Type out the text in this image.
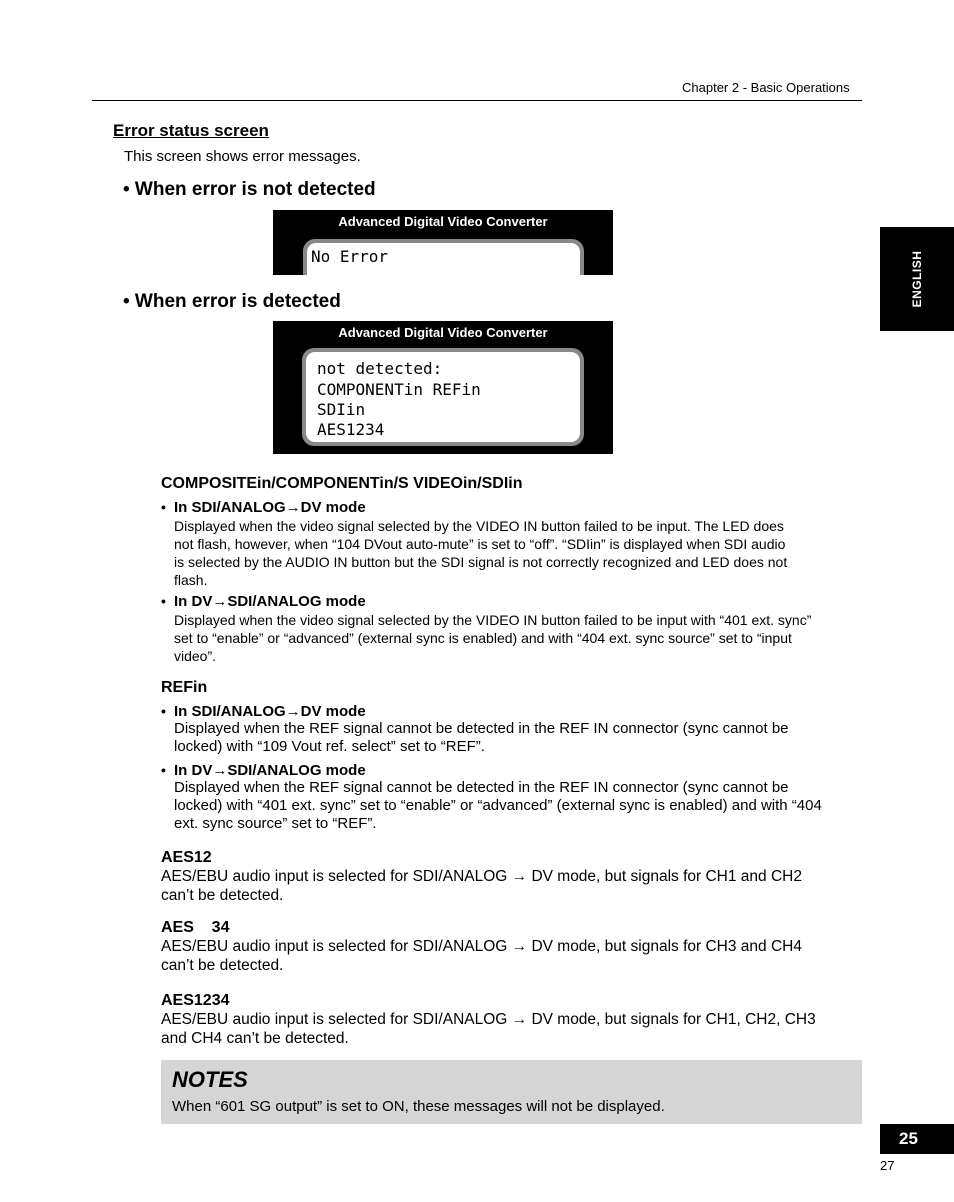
Chapter 2 - Basic Operations
Error status screen
This screen shows error messages.
• When error is not detected
Advanced Digital Video Converter
No Error
• When error is detected
Advanced Digital Video Converter
not detected:
COMPONENTin REFin
SDIin
AES1234
COMPOSITEin/COMPONENTin/S VIDEOin/SDIin
• In SDI/ANALOG→DV mode
Displayed when the video signal selected by the VIDEO IN button failed to be input. The LED does
not flash, however, when “104 DVout auto-mute” is set to “off”. “SDIin” is displayed when SDI audio
is selected by the AUDIO IN button but the SDI signal is not correctly recognized and LED does not
flash.
• In DV→SDI/ANALOG mode
Displayed when the video signal selected by the VIDEO IN button failed to be input with “401 ext. sync”
set to “enable” or “advanced” (external sync is enabled) and with “404 ext. sync source” set to “input
video”.
REFin
• In SDI/ANALOG→DV mode
Displayed when the REF signal cannot be detected in the REF IN connector (sync cannot be
locked) with “109 Vout ref. select” set to “REF”.
• In DV→SDI/ANALOG mode
Displayed when the REF signal cannot be detected in the REF IN connector (sync cannot be
locked) with “401 ext. sync” set to “enable” or “advanced” (external sync is enabled) and with “404
ext. sync source” set to “REF”.
AES12
AES/EBU audio input is selected for SDI/ANALOG → DV mode, but signals for CH1 and CH2
can’t be detected.
AES    34
AES/EBU audio input is selected for SDI/ANALOG → DV mode, but signals for CH3 and CH4
can’t be detected.
AES1234
AES/EBU audio input is selected for SDI/ANALOG → DV mode, but signals for CH1, CH2, CH3
and CH4 can’t be detected.
NOTES
When “601 SG output” is set to ON, these messages will not be displayed.
ENGLISH
25
27
